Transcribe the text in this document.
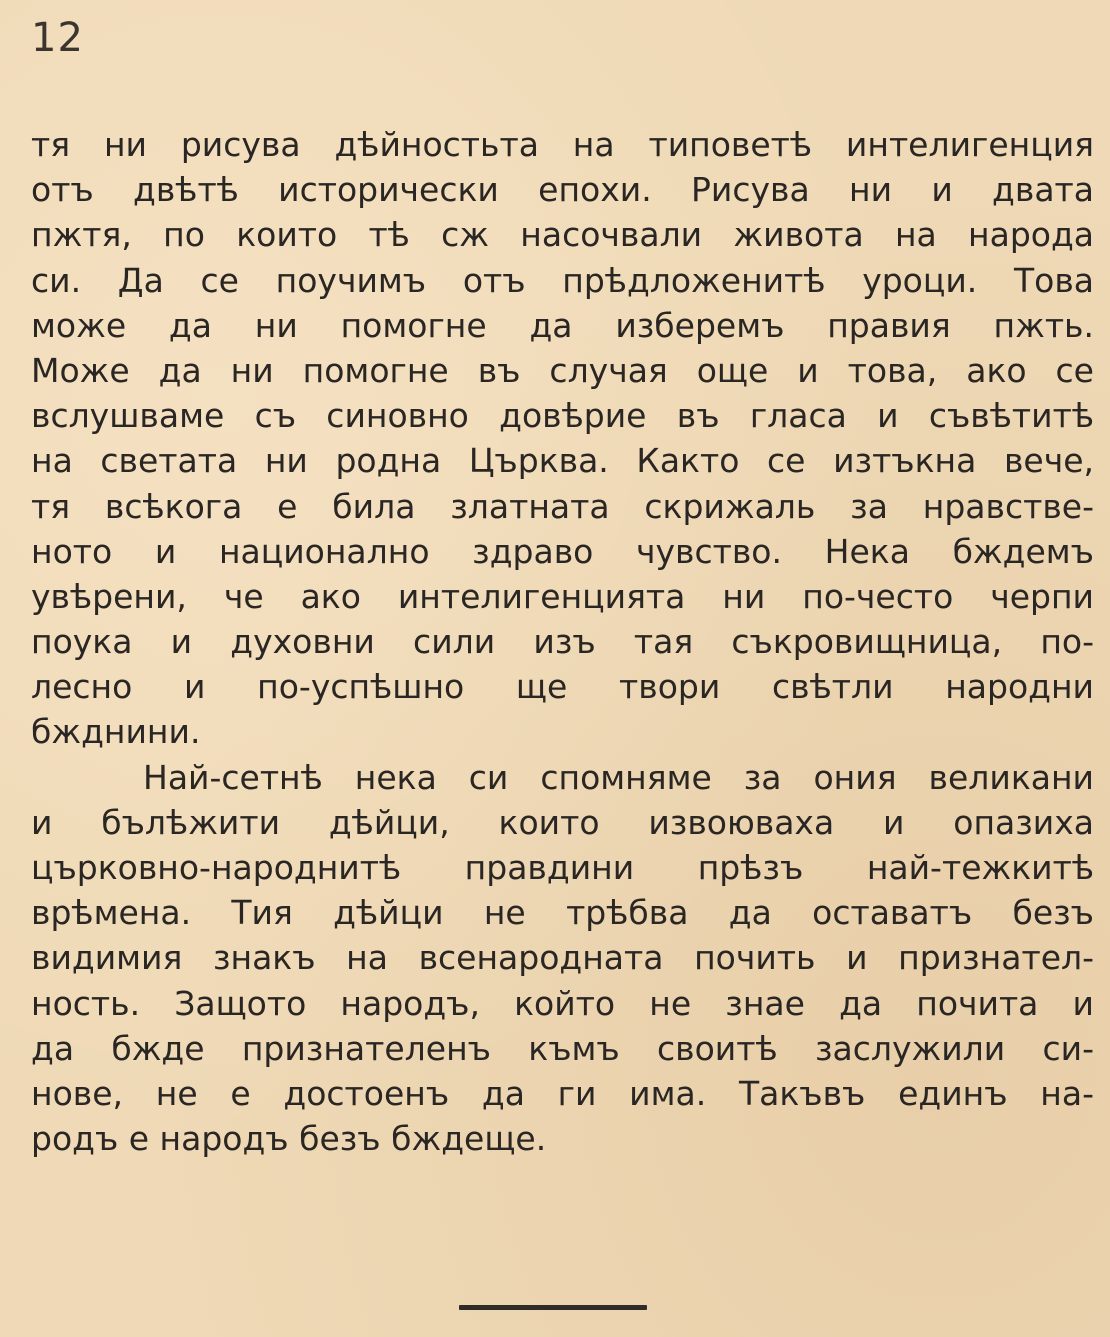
12
тя ни рисува дѣйностьта на типоветѣ интелигенция
отъ двѣтѣ исторически епохи. Рисува ни и двата
пжтя, по които тѣ сж насочвали живота на народа
си. Да се поучимъ отъ прѣдложенитѣ уроци. Това
може да ни помогне да изберемъ правия пжть.
Може да ни помогне въ случая още и това, ако се
вслушваме съ синовно довѣрие въ гласа и съвѣтитѣ
на светата ни родна Църква. Както се изтъкна вече,
тя всѣкога е била златната скрижаль за нравстве-
ното и национално здраво чувство. Нека бждемъ
увѣрени, че ако интелигенцията ни по-често черпи
поука и духовни сили изъ тая съкровищница, по-
лесно и по-успѣшно ще твори свѣтли народни
бжднини.
Най-сетнѣ нека си спомняме за ония великани
и бълѣжити дѣйци, които извоюваха и опазиха
църковно-народнитѣ правдини прѣзъ най-тежкитѣ
врѣмена. Тия дѣйци не трѣбва да оставатъ безъ
видимия знакъ на всенародната почить и признател-
ность. Защото народъ, който не знае да почита и
да бжде признателенъ къмъ своитѣ заслужили си-
нове, не е достоенъ да ги има. Такъвъ единъ на-
родъ е народъ безъ бждеще.
